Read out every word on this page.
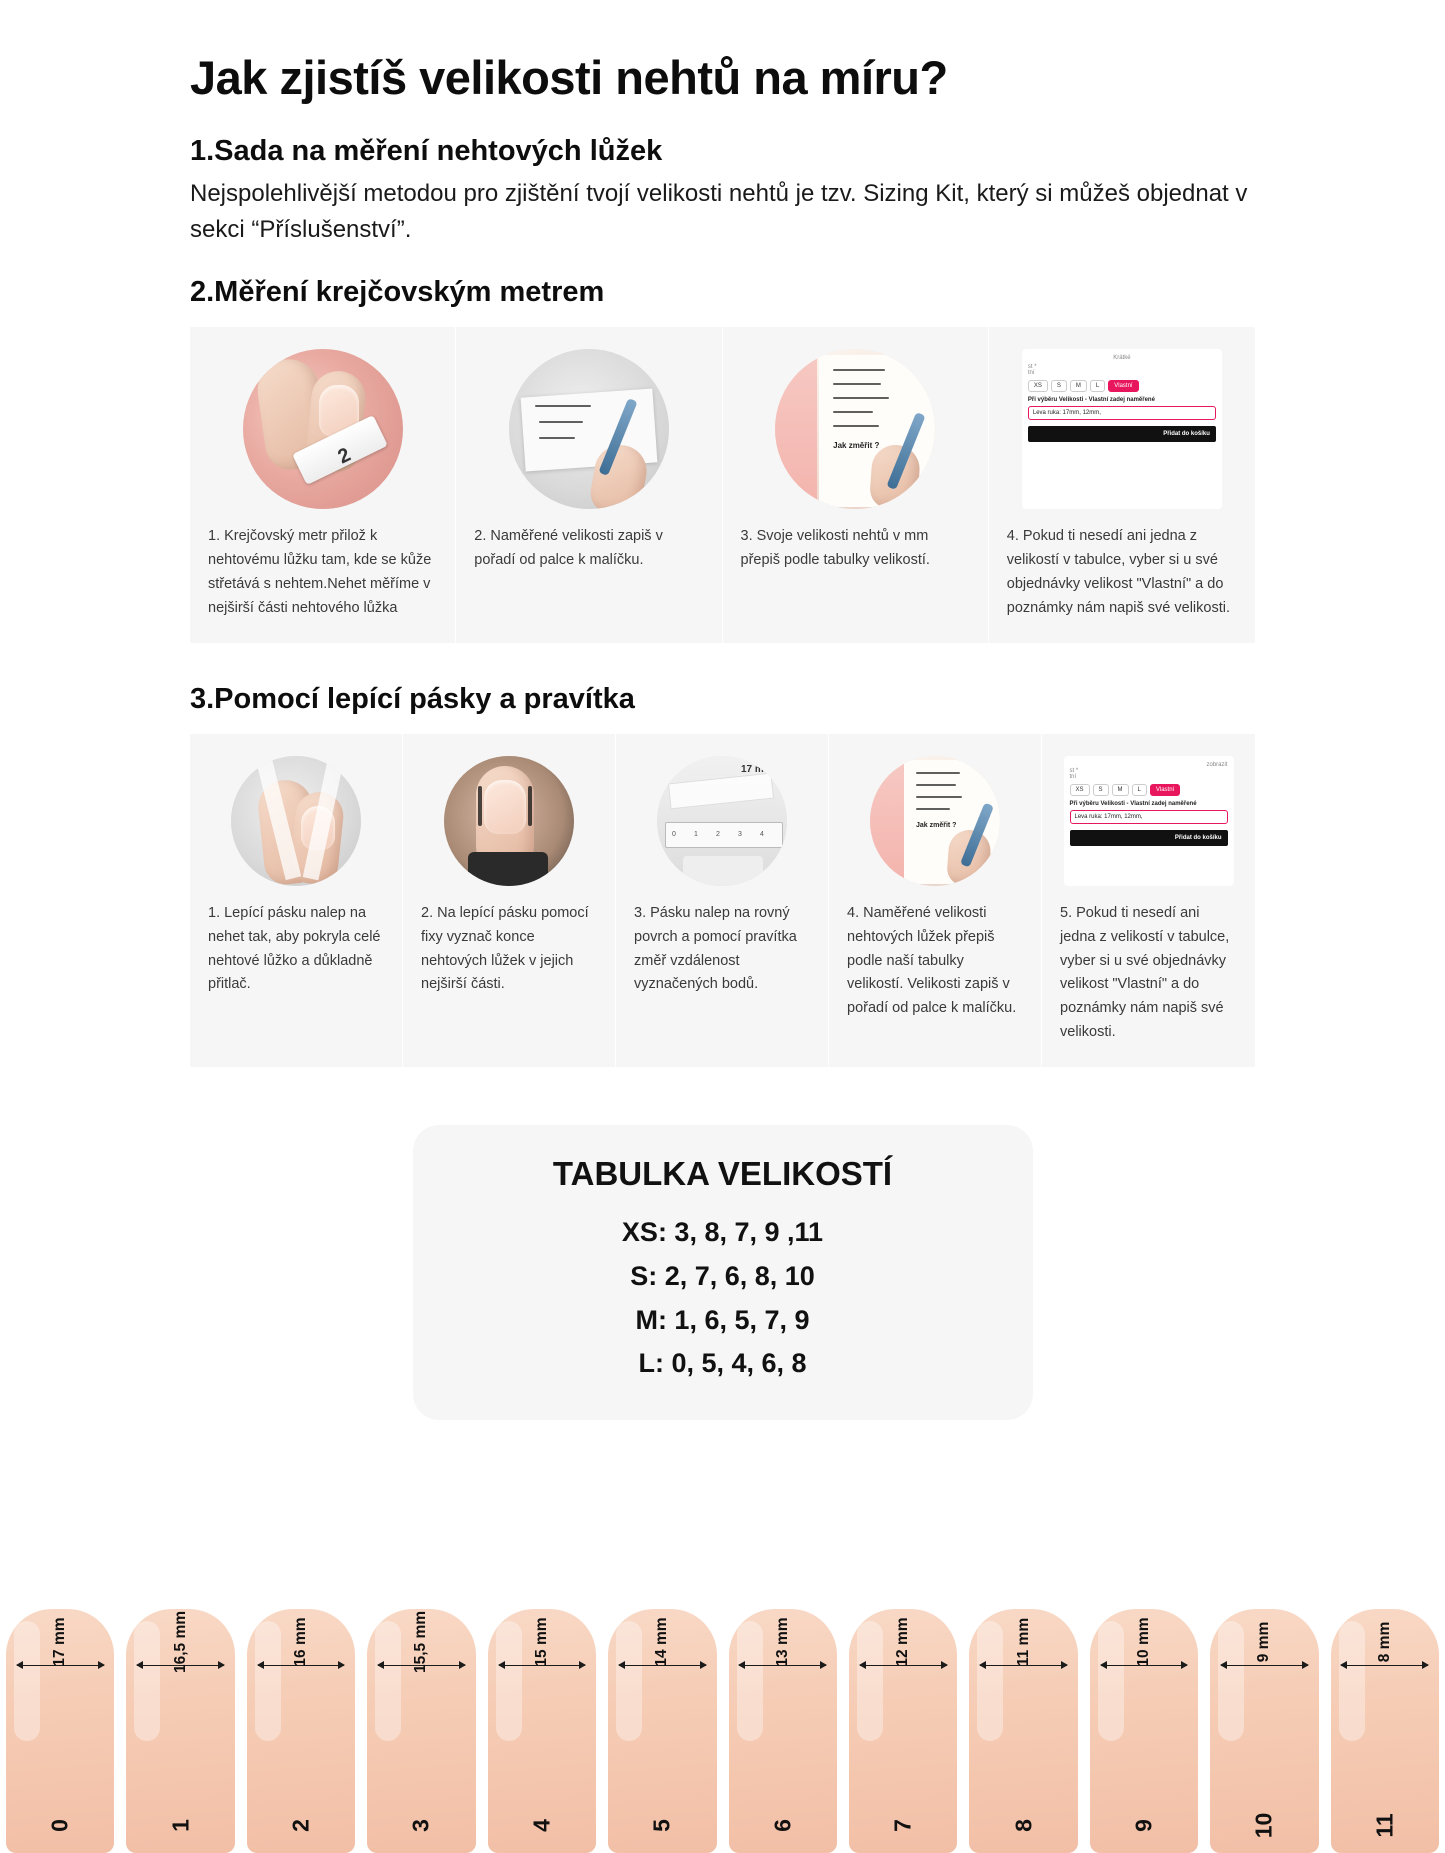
Jak zjistíš velikosti nehtů na míru?
1.Sada na měření nehtových lůžek

Nejspolehlivější metodou pro zjištění tvojí velikosti nehtů je tzv. Sizing Kit, který si můžeš objednat v sekci “Příslušenství”.

2.Měření krejčovským metrem
2
1. Krejčovský metr přilož k nehtovému lůžku tam, kde se kůže střetává s nehtem.Nehet měříme v nejširší části nehtového lůžka
2. Naměřené velikosti zapiš v pořadí od palce k malíčku.
Jak změřit ?
3. Svoje velikosti nehtů v mm přepiš podle tabulky velikostí.
Krátké
st *
tní
XS	S	M	L	Vlastní
Při výběru Velikosti - Vlastní zadej naměřené
Leva ruka: 17mm, 12mm,
Přidat do košíku
4. Pokud ti nesedí ani jedna z velikostí v tabulce, vyber si u své objednávky velikost "Vlastní" a do poznámky nám napiš své velikosti.
3.Pomocí lepící pásky a pravítka
1. Lepící pásku nalep na nehet tak, aby pokryla celé nehtové lůžko a důkladně přitlač.
2. Na lepící pásku pomocí fixy vyznač konce nehtových lůžek v jejich nejširší části.
0	1	2	3	4
17 mm
3. Pásku nalep na rovný povrch a pomocí pravítka změř vzdálenost vyznačených bodů.
Jak změřit ?
4. Naměřené velikosti nehtových lůžek přepiš podle naší tabulky velikostí. Velikosti zapiš v pořadí od palce k malíčku.
zobrazit
st *
tní
XS	S	M	L	Vlastní
Při výběru Velikosti - Vlastní zadej naměřené
Leva ruka: 17mm, 12mm,
Přidat do košíku
5. Pokud ti nesedí ani jedna z velikostí v tabulce, vyber si u své objednávky velikost "Vlastní" a do poznámky nám napiš své velikosti.
TABULKA VELIKOSTÍ
XS: 3, 8, 7, 9 ,11
S: 2, 7, 6, 8, 10
M: 1, 6, 5, 7, 9
L: 0, 5, 4, 6, 8
17 mm
0
16,5 mm
1
16 mm
2
15,5 mm
3
15 mm
4
14 mm
5
13 mm
6
12 mm
7
11 mm
8
10 mm
9
9 mm
10
8 mm
11
